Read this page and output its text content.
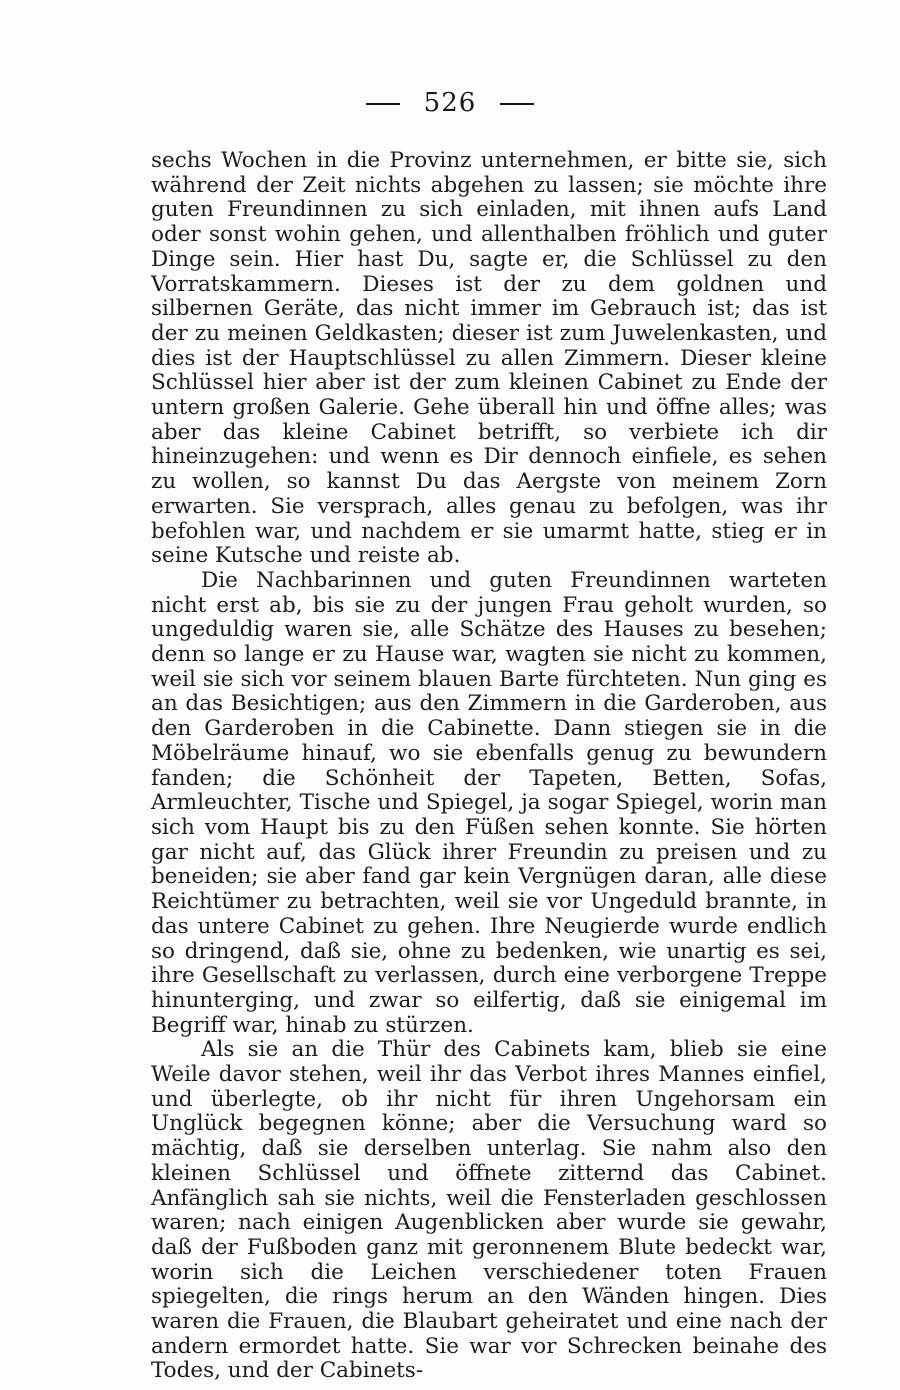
526

sechs Wochen in die Provinz unternehmen, er bitte sie, sich während der Zeit nichts abgehen zu lassen; sie möchte ihre guten Freundinnen zu sich einladen, mit ihnen aufs Land oder sonst wohin gehen, und allenthalben fröhlich und guter Dinge sein. Hier hast Du, sagte er, die Schlüssel zu den Vorratskammern. Dieses ist der zu dem goldnen und silbernen Geräte, das nicht immer im Gebrauch ist; das ist der zu meinen Geldkasten; dieser ist zum Juwelenkasten, und dies ist der Hauptschlüssel zu allen Zimmern. Dieser kleine Schlüssel hier aber ist der zum kleinen Cabinet zu Ende der untern großen Galerie. Gehe überall hin und öffne alles; was aber das kleine Cabinet betrifft, so verbiete ich dir hineinzugehen: und wenn es Dir dennoch einfiele, es sehen zu wollen, so kannst Du das Aergste von meinem Zorn erwarten. Sie versprach, alles genau zu befolgen, was ihr befohlen war, und nachdem er sie umarmt hatte, stieg er in seine Kutsche und reiste ab.

Die Nachbarinnen und guten Freundinnen warteten nicht erst ab, bis sie zu der jungen Frau geholt wurden, so ungeduldig waren sie, alle Schätze des Hauses zu besehen; denn so lange er zu Hause war, wagten sie nicht zu kommen, weil sie sich vor seinem blauen Barte fürchteten. Nun ging es an das Besichtigen; aus den Zimmern in die Garderoben, aus den Garderoben in die Cabinette. Dann stiegen sie in die Möbelräume hinauf, wo sie ebenfalls genug zu bewundern fanden; die Schönheit der Tapeten, Betten, Sofas, Armleuchter, Tische und Spiegel, ja sogar Spiegel, worin man sich vom Haupt bis zu den Füßen sehen konnte. Sie hörten gar nicht auf, das Glück ihrer Freundin zu preisen und zu beneiden; sie aber fand gar kein Vergnügen daran, alle diese Reichtümer zu betrachten, weil sie vor Ungeduld brannte, in das untere Cabinet zu gehen. Ihre Neugierde wurde endlich so dringend, daß sie, ohne zu bedenken, wie unartig es sei, ihre Gesellschaft zu verlassen, durch eine verborgene Treppe hinunterging, und zwar so eilfertig, daß sie einigemal im Begriff war, hinab zu stürzen.

Als sie an die Thür des Cabinets kam, blieb sie eine Weile davor stehen, weil ihr das Verbot ihres Mannes einfiel, und überlegte, ob ihr nicht für ihren Ungehorsam ein Unglück begegnen könne; aber die Versuchung ward so mächtig, daß sie derselben unterlag. Sie nahm also den kleinen Schlüssel und öffnete zitternd das Cabinet. Anfänglich sah sie nichts, weil die Fensterladen geschlossen waren; nach einigen Augenblicken aber wurde sie gewahr, daß der Fußboden ganz mit geronnenem Blute bedeckt war, worin sich die Leichen verschiedener toten Frauen spiegelten, die rings herum an den Wänden hingen. Dies waren die Frauen, die Blaubart geheiratet und eine nach der andern ermordet hatte. Sie war vor Schrecken beinahe des Todes, und der Cabinets-
